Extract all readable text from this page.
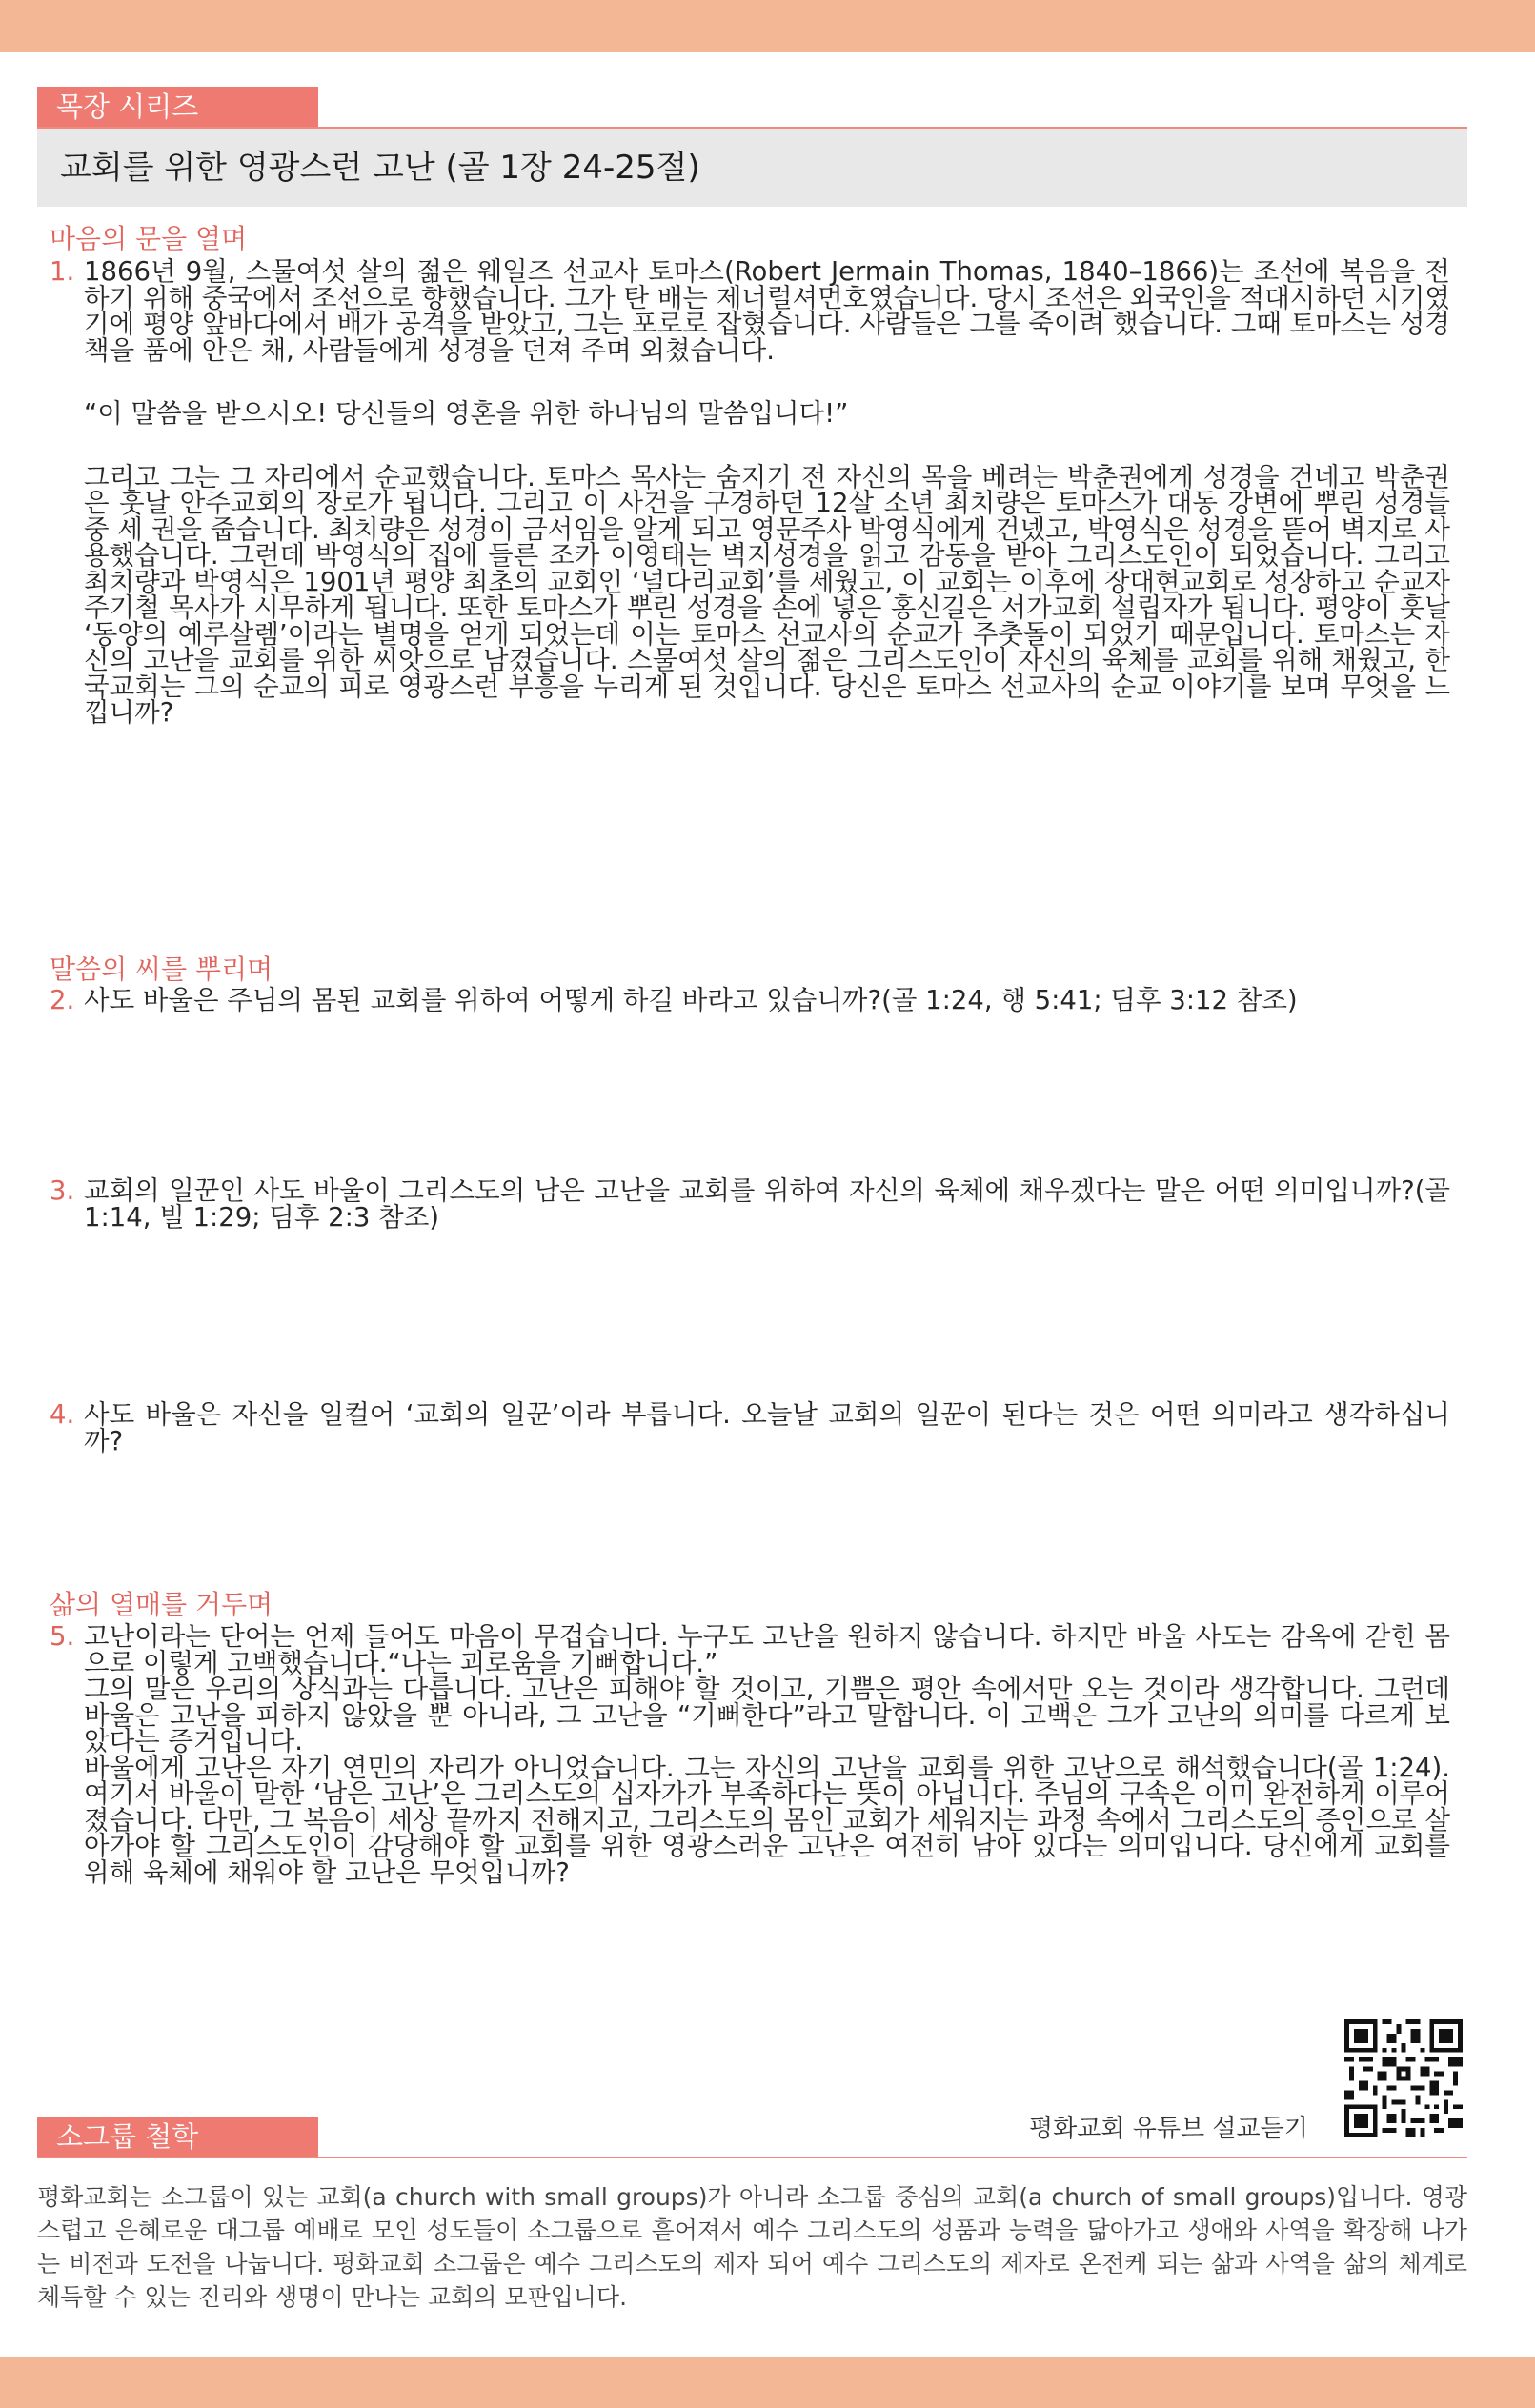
목장 시리즈
교회를 위한 영광스런 고난 (골 1장 24-25절)
마음의 문을 열며
1. 1866년 9월, 스물여섯 살의 젊은 웨일즈 선교사 토마스(Robert Jermain Thomas, 1840–1866)는 조선에 복음을 전하기 위해 중국에서 조선으로 향했습니다. 그가 탄 배는 제너럴셔먼호였습니다. 당시 조선은 외국인을 적대시하던 시기였기에 평양 앞바다에서 배가 공격을 받았고, 그는 포로로 잡혔습니다. 사람들은 그를 죽이려 했습니다. 그때 토마스는 성경책을 품에 안은 채, 사람들에게 성경을 던져 주며 외쳤습니다.

“이 말씀을 받으시오! 당신들의 영혼을 위한 하나님의 말씀입니다!”

그리고 그는 그 자리에서 순교했습니다. 토마스 목사는 숨지기 전 자신의 목을 베려는 박춘권에게 성경을 건네고 박춘권은 훗날 안주교회의 장로가 됩니다. 그리고 이 사건을 구경하던 12살 소년 최치량은 토마스가 대동 강변에 뿌린 성경들 중 세 권을 줍습니다. 최치량은 성경이 금서임을 알게 되고 영문주사 박영식에게 건넸고, 박영식은 성경을 뜯어 벽지로 사용했습니다. 그런데 박영식의 집에 들른 조카 이영태는 벽지성경을 읽고 감동을 받아 그리스도인이 되었습니다. 그리고 최치량과 박영식은 1901년 평양 최초의 교회인 ‘널다리교회’를 세웠고, 이 교회는 이후에 장대현교회로 성장하고 순교자 주기철 목사가 시무하게 됩니다. 또한 토마스가 뿌린 성경을 손에 넣은 홍신길은 서가교회 설립자가 됩니다. 평양이 훗날 ‘동양의 예루살렘’이라는 별명을 얻게 되었는데 이는 토마스 선교사의 순교가 주춧돌이 되었기 때문입니다. 토마스는 자신의 고난을 교회를 위한 씨앗으로 남겼습니다. 스물여섯 살의 젊은 그리스도인이 자신의 육체를 교회를 위해 채웠고, 한국교회는 그의 순교의 피로 영광스런 부흥을 누리게 된 것입니다. 당신은 토마스 선교사의 순교 이야기를 보며 무엇을 느낍니까?

말씀의 씨를 뿌리며
2. 사도 바울은 주님의 몸된 교회를 위하여 어떻게 하길 바라고 있습니까?(골 1:24, 행 5:41; 딤후 3:12 참조)

3. 교회의 일꾼인 사도 바울이 그리스도의 남은 고난을 교회를 위하여 자신의 육체에 채우겠다는 말은 어떤 의미입니까?(골 1:14, 빌 1:29; 딤후 2:3 참조)

4. 사도 바울은 자신을 일컬어 ‘교회의 일꾼’이라 부릅니다. 오늘날 교회의 일꾼이 된다는 것은 어떤 의미라고 생각하십니까?

삶의 열매를 거두며
5. 고난이라는 단어는 언제 들어도 마음이 무겁습니다. 누구도 고난을 원하지 않습니다. 하지만 바울 사도는 감옥에 갇힌 몸으로 이렇게 고백했습니다.“나는 괴로움을 기뻐합니다.”

그의 말은 우리의 상식과는 다릅니다. 고난은 피해야 할 것이고, 기쁨은 평안 속에서만 오는 것이라 생각합니다. 그런데 바울은 고난을 피하지 않았을 뿐 아니라, 그 고난을 “기뻐한다”라고 말합니다. 이 고백은 그가 고난의 의미를 다르게 보았다는 증거입니다.

바울에게 고난은 자기 연민의 자리가 아니었습니다. 그는 자신의 고난을 교회를 위한 고난으로 해석했습니다(골 1:24). 여기서 바울이 말한 ‘남은 고난’은 그리스도의 십자가가 부족하다는 뜻이 아닙니다. 주님의 구속은 이미 완전하게 이루어졌습니다. 다만, 그 복음이 세상 끝까지 전해지고, 그리스도의 몸인 교회가 세워지는 과정 속에서 그리스도의 증인으로 살아가야 할 그리스도인이 감당해야 할 교회를 위한 영광스러운 고난은 여전히 남아 있다는 의미입니다. 당신에게 교회를 위해 육체에 채워야 할 고난은 무엇입니까?

평화교회 유튜브 설교듣기
소그룹 철학
평화교회는 소그룹이 있는 교회(a church with small groups)가 아니라 소그룹 중심의 교회(a church of small groups)입니다. 영광스럽고 은혜로운 대그룹 예배로 모인 성도들이 소그룹으로 흩어져서 예수 그리스도의 성품과 능력을 닮아가고 생애와 사역을 확장해 나가는 비전과 도전을 나눕니다. 평화교회 소그룹은 예수 그리스도의 제자 되어 예수 그리스도의 제자로 온전케 되는 삶과 사역을 삶의 체계로 체득할 수 있는 진리와 생명이 만나는 교회의 모판입니다.
